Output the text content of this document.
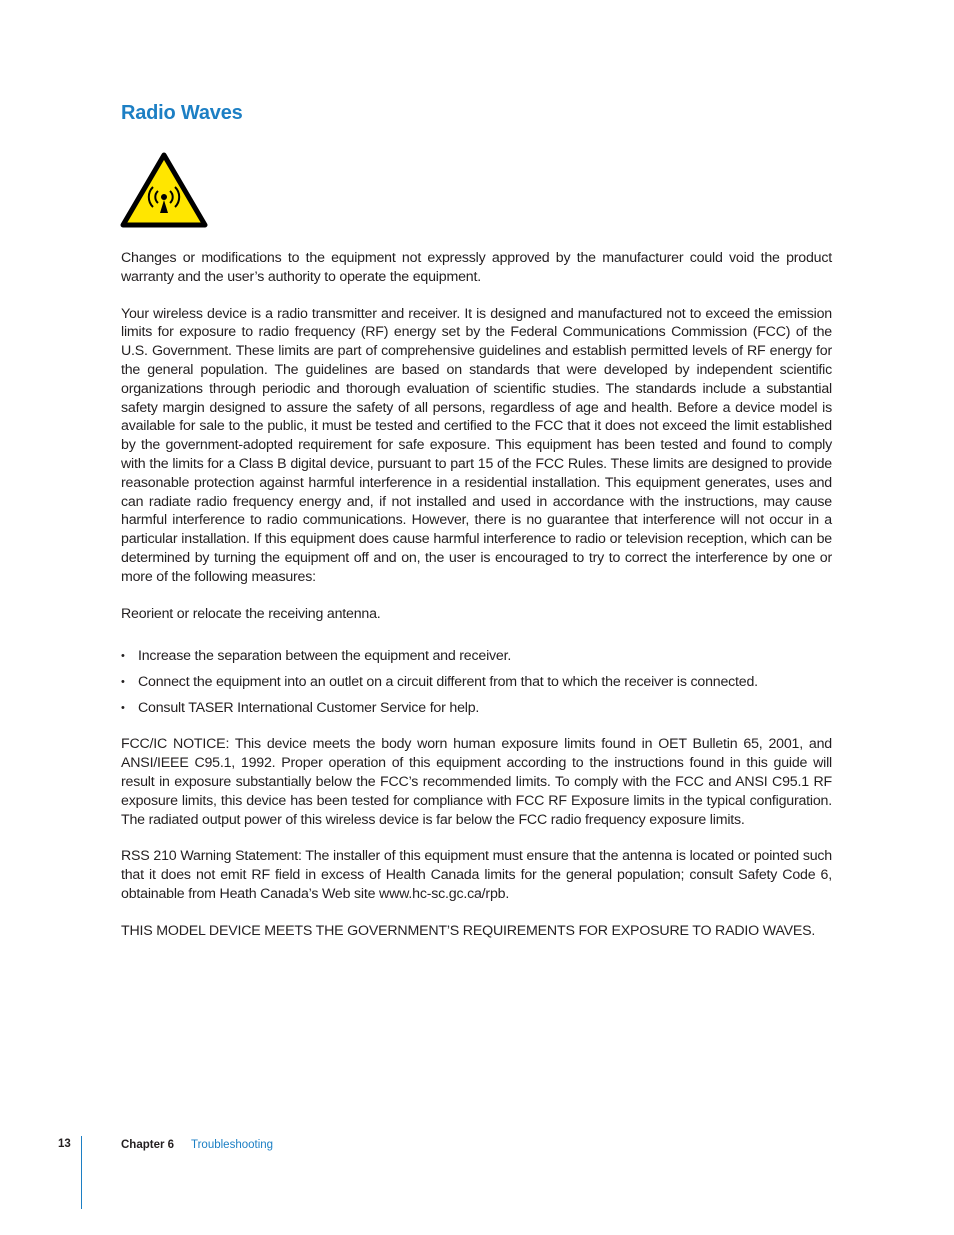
Radio Waves

Changes or modifications to the equipment not expressly approved by the manufacturer could void the product warranty and the user’s authority to operate the equipment.

Your wireless device is a radio transmitter and receiver. It is designed and manufactured not to exceed the emission limits for exposure to radio frequency (RF) energy set by the Federal Communications Commission (FCC) of the U.S. Government. These limits are part of comprehensive guidelines and establish permitted levels of RF energy for the general population. The guidelines are based on standards that were developed by independent scientific organizations through periodic and thorough evaluation of scientific studies. The standards include a substantial safety margin designed to assure the safety of all persons, regardless of age and health. Before a device model is available for sale to the public, it must be tested and certified to the FCC that it does not exceed the limit established by the government-adopted requirement for safe exposure. This equipment has been tested and found to comply with the limits for a Class B digital device, pursuant to part 15 of the FCC Rules. These limits are designed to provide reasonable protection against harmful interference in a residential installation. This equipment generates, uses and can radiate radio frequency energy and, if not installed and used in accordance with the instructions, may cause harmful interference to radio communications. However, there is no guarantee that interference will not occur in a particular installation. If this equipment does cause harmful interference to radio or television reception, which can be determined by turning the equipment off and on, the user is encouraged to try to correct the interference by one or more of the following measures:

Reorient or relocate the receiving antenna.

• Increase the separation between the equipment and receiver.
• Connect the equipment into an outlet on a circuit different from that to which the receiver is connected.
• Consult TASER International Customer Service for help.

FCC/IC NOTICE: This device meets the body worn human exposure limits found in OET Bulletin 65, 2001, and ANSI/IEEE C95.1, 1992. Proper operation of this equipment according to the instructions found in this guide will result in exposure substantially below the FCC’s recommended limits. To comply with the FCC and ANSI C95.1 RF exposure limits, this device has been tested for compliance with FCC RF Exposure limits in the typical configuration. The radiated output power of this wireless device is far below the FCC radio frequency exposure limits.

RSS 210 Warning Statement: The installer of this equipment must ensure that the antenna is located or pointed such that it does not emit RF field in excess of Health Canada limits for the general population; consult Safety Code 6, obtainable from Heath Canada’s Web site www.hc-sc.gc.ca/rpb.

THIS MODEL DEVICE MEETS THE GOVERNMENT’S REQUIREMENTS FOR EXPOSURE TO RADIO WAVES.

13	Chapter 6 Troubleshooting
